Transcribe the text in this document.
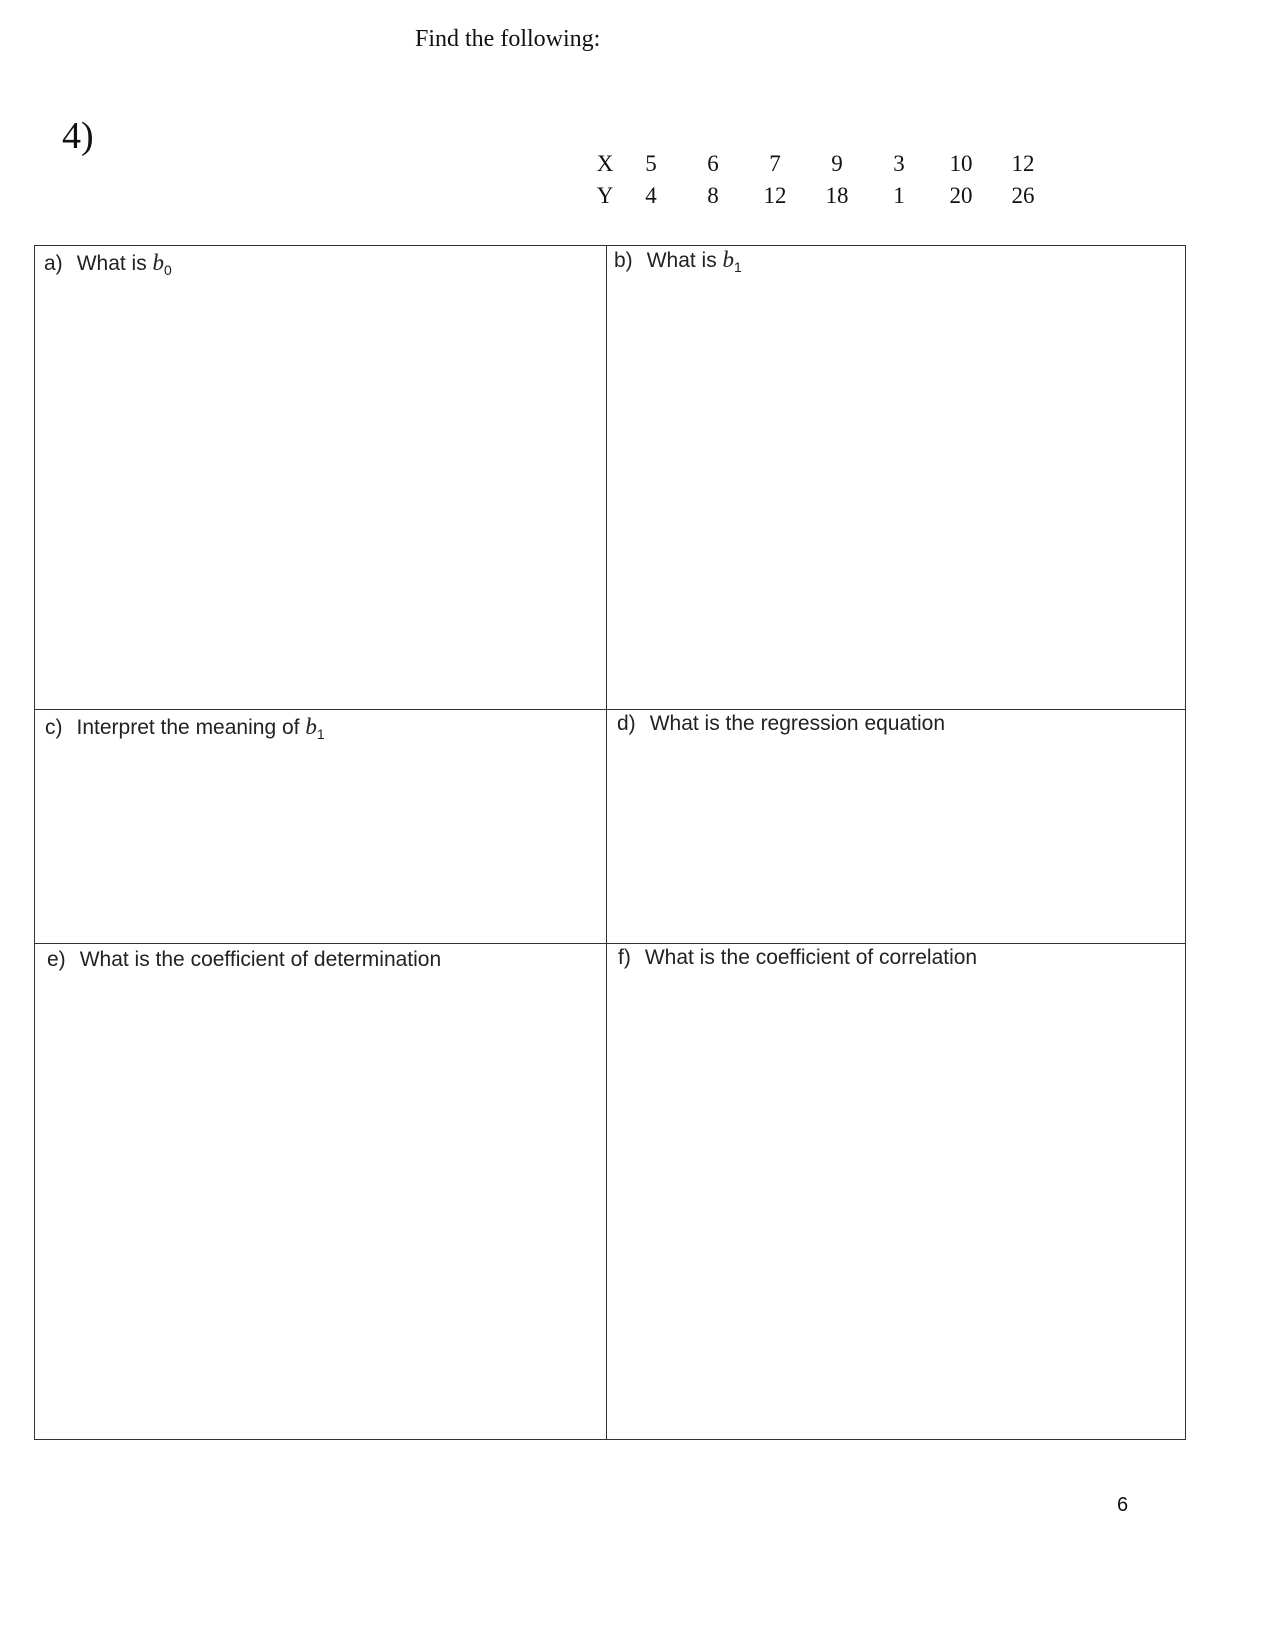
Find the following:
4)
X	5	6	7	9	3	10	12
Y	4	8	12	18	1	20	26
a) What is $b_0$	b) What is $b_1$
c) Interpret the meaning of $b_1$	d) What is the regression equation
e) What is the coefficient of determination	f) What is the coefficient of correlation
6
